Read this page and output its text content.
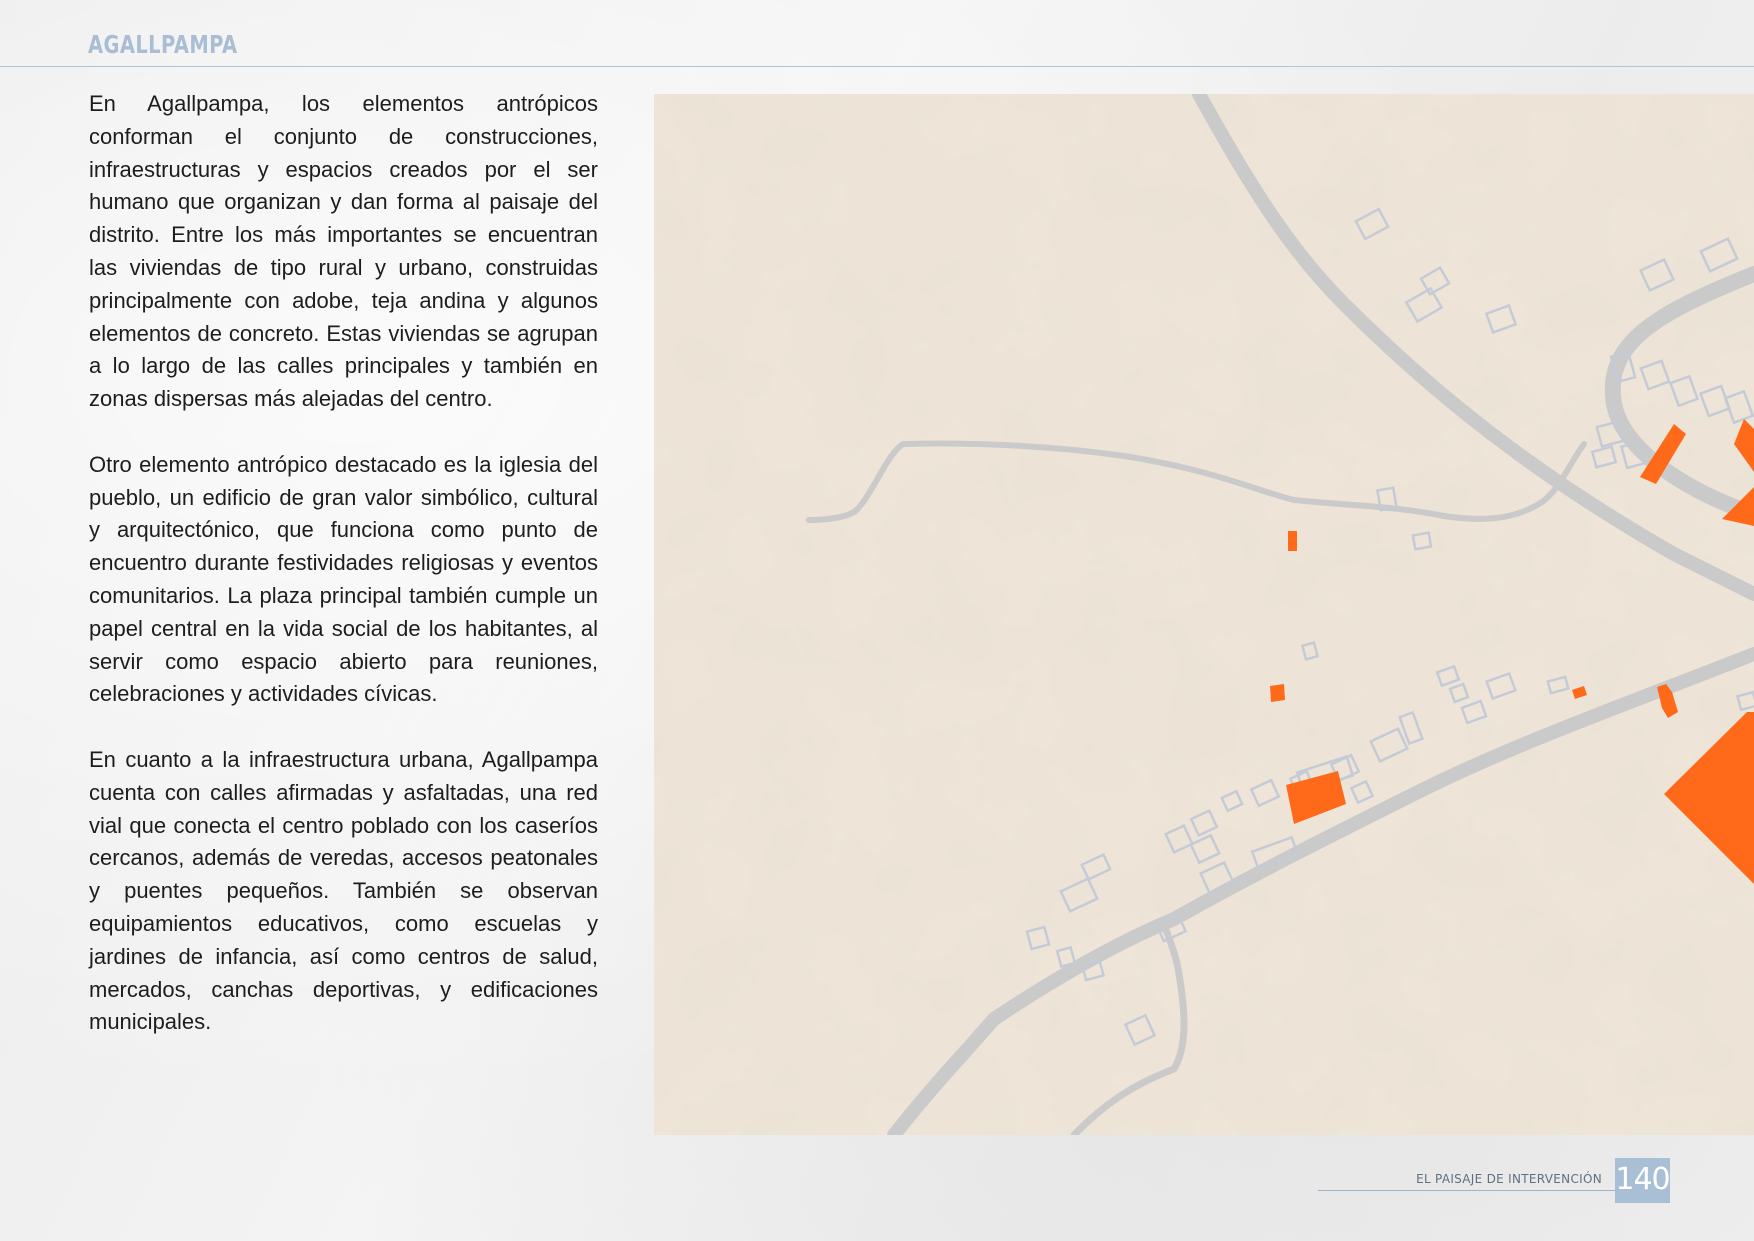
AGALLPAMPA

En Agallpampa, los elementos antrópicos conforman el conjunto de construcciones, infraestructuras y espacios creados por el ser humano que organizan y dan forma al paisaje del distrito. Entre los más importantes se encuentran las viviendas de tipo rural y urbano, construidas principalmente con adobe, teja andina y algunos elementos de concreto. Estas viviendas se agrupan a lo largo de las calles principales y también en zonas dispersas más alejadas del centro.

Otro elemento antrópico destacado es la iglesia del pueblo, un edificio de gran valor simbólico, cultural y arquitectónico, que funciona como punto de encuentro durante festividades religiosas y eventos comunitarios. La plaza principal también cumple un papel central en la vida social de los habitantes, al servir como espacio abierto para reuniones, celebraciones y actividades cívicas.

En cuanto a la infraestructura urbana, Agallpampa cuenta con calles afirmadas y asfaltadas, una red vial que conecta el centro poblado con los caseríos cercanos, además de veredas, accesos peatonales y puentes pequeños. También se observan equipamientos educativos, como escuelas y jardines de infancia, así como centros de salud, mercados, canchas deportivas, y edificaciones municipales.

EL PAISAJE DE INTERVENCIÓN 140
